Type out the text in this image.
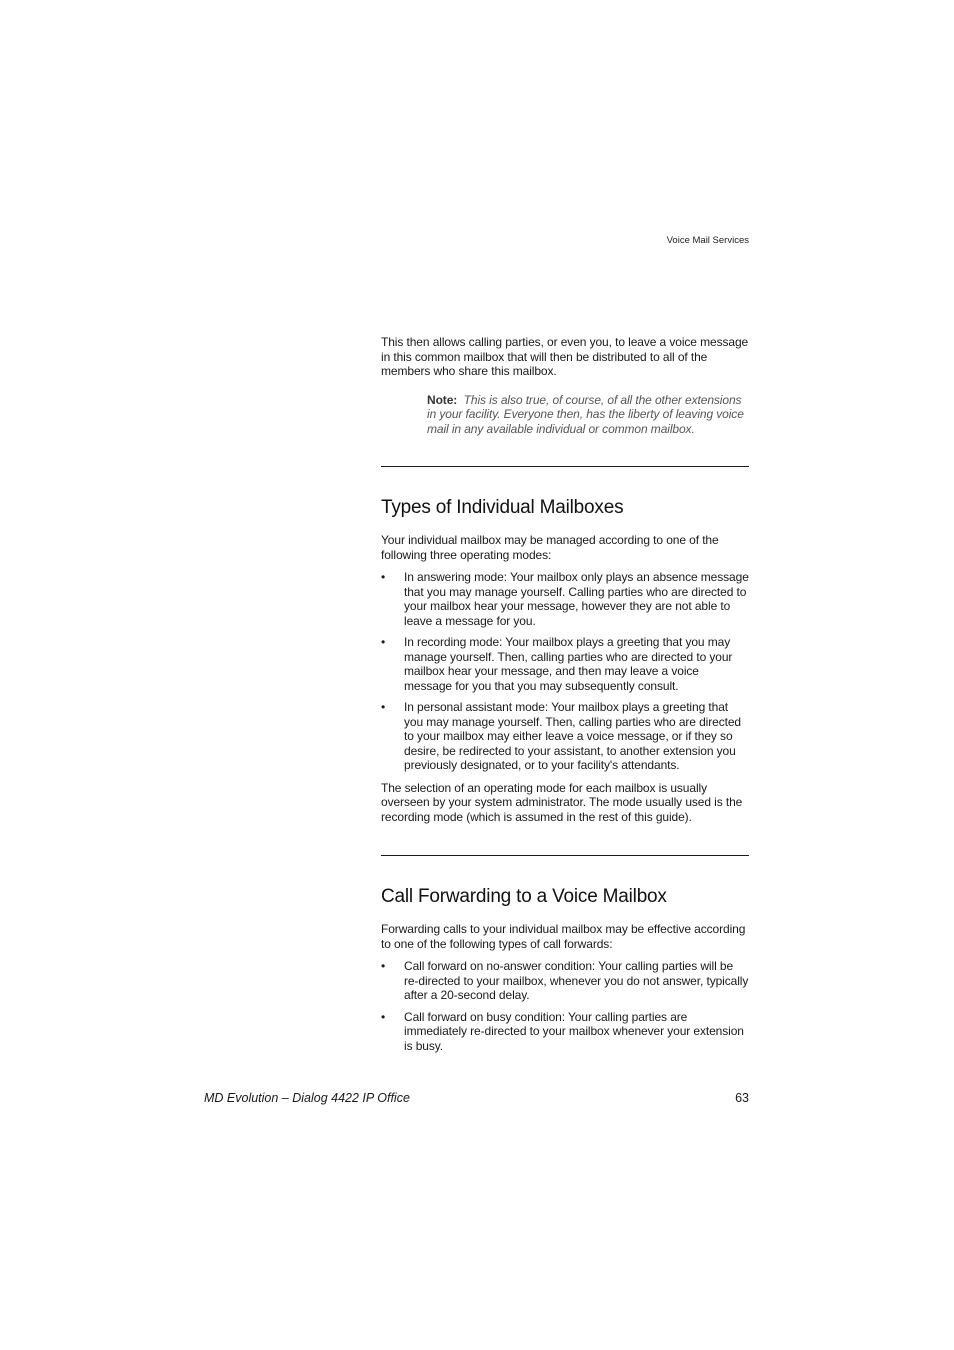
Voice Mail Services

This then allows calling parties, or even you, to leave a voice message in this common mailbox that will then be distributed to all of the members who share this mailbox.

Note: This is also true, of course, of all the other extensions in your facility. Everyone then, has the liberty of leaving voice mail in any available individual or common mailbox.

Types of Individual Mailboxes

Your individual mailbox may be managed according to one of the following three operating modes:

• In answering mode: Your mailbox only plays an absence message that you may manage yourself. Calling parties who are directed to your mailbox hear your message, however they are not able to leave a message for you.
• In recording mode: Your mailbox plays a greeting that you may manage yourself. Then, calling parties who are directed to your mailbox hear your message, and then may leave a voice message for you that you may subsequently consult.
• In personal assistant mode: Your mailbox plays a greeting that you may manage yourself. Then, calling parties who are directed to your mailbox may either leave a voice message, or if they so desire, be redirected to your assistant, to another extension you previously designated, or to your facility's attendants.

The selection of an operating mode for each mailbox is usually overseen by your system administrator. The mode usually used is the recording mode (which is assumed in the rest of this guide).

Call Forwarding to a Voice Mailbox

Forwarding calls to your individual mailbox may be effective according to one of the following types of call forwards:

• Call forward on no-answer condition: Your calling parties will be re-directed to your mailbox, whenever you do not answer, typically after a 20-second delay.
• Call forward on busy condition: Your calling parties are immediately re-directed to your mailbox whenever your extension is busy.
MD Evolution – Dialog 4422 IP Office	63
